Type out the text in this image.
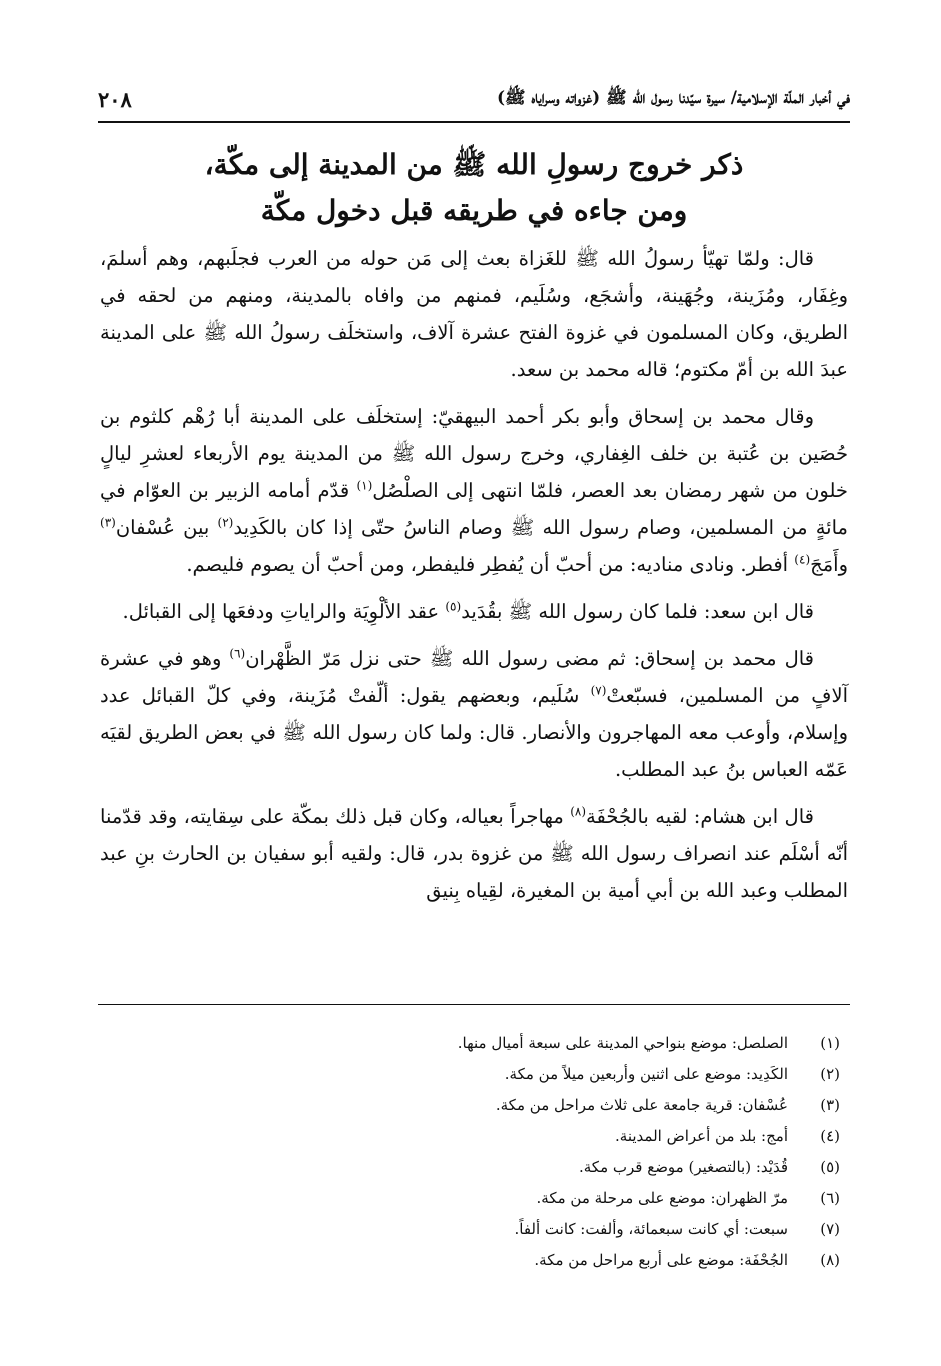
في أخبار الملّة الإسلامية/ سيرة سيّدنا رسول الله ﷺ (غزواته وسراياه ﷺ)
٢٠٨
ذكر خروج رسولِ الله ﷺ من المدينة إلى مكّة،
ومن جاءه في طريقه قبل دخول مكّة

قال: ولمّا تهيّأ رسولُ الله ﷺ للغَزاة بعث إلى مَن حوله من العرب فجلَبهم، وهم أسلمَ، وغِفَار، ومُزَينة، وجُهَينة، وأشجَع، وسُلَيم، فمنهم من وافاه بالمدينة، ومنهم من لحقه في الطريق، وكان المسلمون في غزوة الفتح عشرة آلاف، واستخلَف رسولُ الله ﷺ على المدينة عبدَ الله بن أمّ مكتوم؛ قاله محمد بن سعد.

وقال محمد بن إسحاق وأبو بكر أحمد البيهقيّ: إستخلَف على المدينة أبا رُهْم كلثوم بن حُصَين بن عُتبة بن خلف الغِفاري، وخرج رسول الله ﷺ من المدينة يوم الأربعاء لعشرِ ليالٍ خلون من شهر رمضان بعد العصر، فلمّا انتهى إلى الصلْصُل$^{(١)}$ قدّم أمامه الزبير بن العوّام في مائةٍ من المسلمين، وصام رسول الله ﷺ وصام الناسُ حتّى إذا كان بالكَدِيد$^{(٢)}$ بين عُسْفان$^{(٣)}$ وأَمَجَ$^{(٤)}$ أفطر. ونادى مناديه: من أحبّ أن يُفطِر فليفطر، ومن أحبّ أن يصوم فليصم.

قال ابن سعد: فلما كان رسول الله ﷺ بقُدَيد$^{(٥)}$ عقد الألْوِيَة والراياتِ ودفعَها إلى القبائل.

قال محمد بن إسحاق: ثم مضى رسول الله ﷺ حتى نزل مَرّ الظَّهْران$^{(٦)}$ وهو في عشرة آلافٍ من المسلمين، فسبّعتْ$^{(٧)}$ سُلَيم، وبعضهم يقول: ألّفتْ مُزَينة، وفي كلّ القبائل عدد وإسلام، وأوعب معه المهاجرون والأنصار. قال: ولما كان رسول الله ﷺ في بعض الطريق لقيَه عَمّه العباس بنُ عبد المطلب.

قال ابن هشام: لقيه بالجُحْفَة$^{(٨)}$ مهاجراً بعياله، وكان قبل ذلك بمكّة على سِقايته، وقد قدّمنا أنّه أسْلَم عند انصراف رسول الله ﷺ من غزوة بدر، قال: ولقيه أبو سفيان بن الحارث بنِ عبد المطلب وعبد الله بن أبي أمية بن المغيرة، لقِياه بِنيق

(١)
الصلصل: موضع بنواحي المدينة على سبعة أميال منها.
(٢)
الكَدِيد: موضع على اثنين وأربعين ميلاً من مكة.
(٣)
عُسْفان: قرية جامعة على ثلاث مراحل من مكة.
(٤)
أمج: بلد من أعراض المدينة.
(٥)
قُدَيْد: (بالتصغير) موضع قرب مكة.
(٦)
مرّ الظهران: موضع على مرحلة من مكة.
(٧)
سبعت: أي كانت سبعمائة، وألفت: كانت ألفاً.
(٨)
الجُحْفَة: موضع على أربع مراحل من مكة.
